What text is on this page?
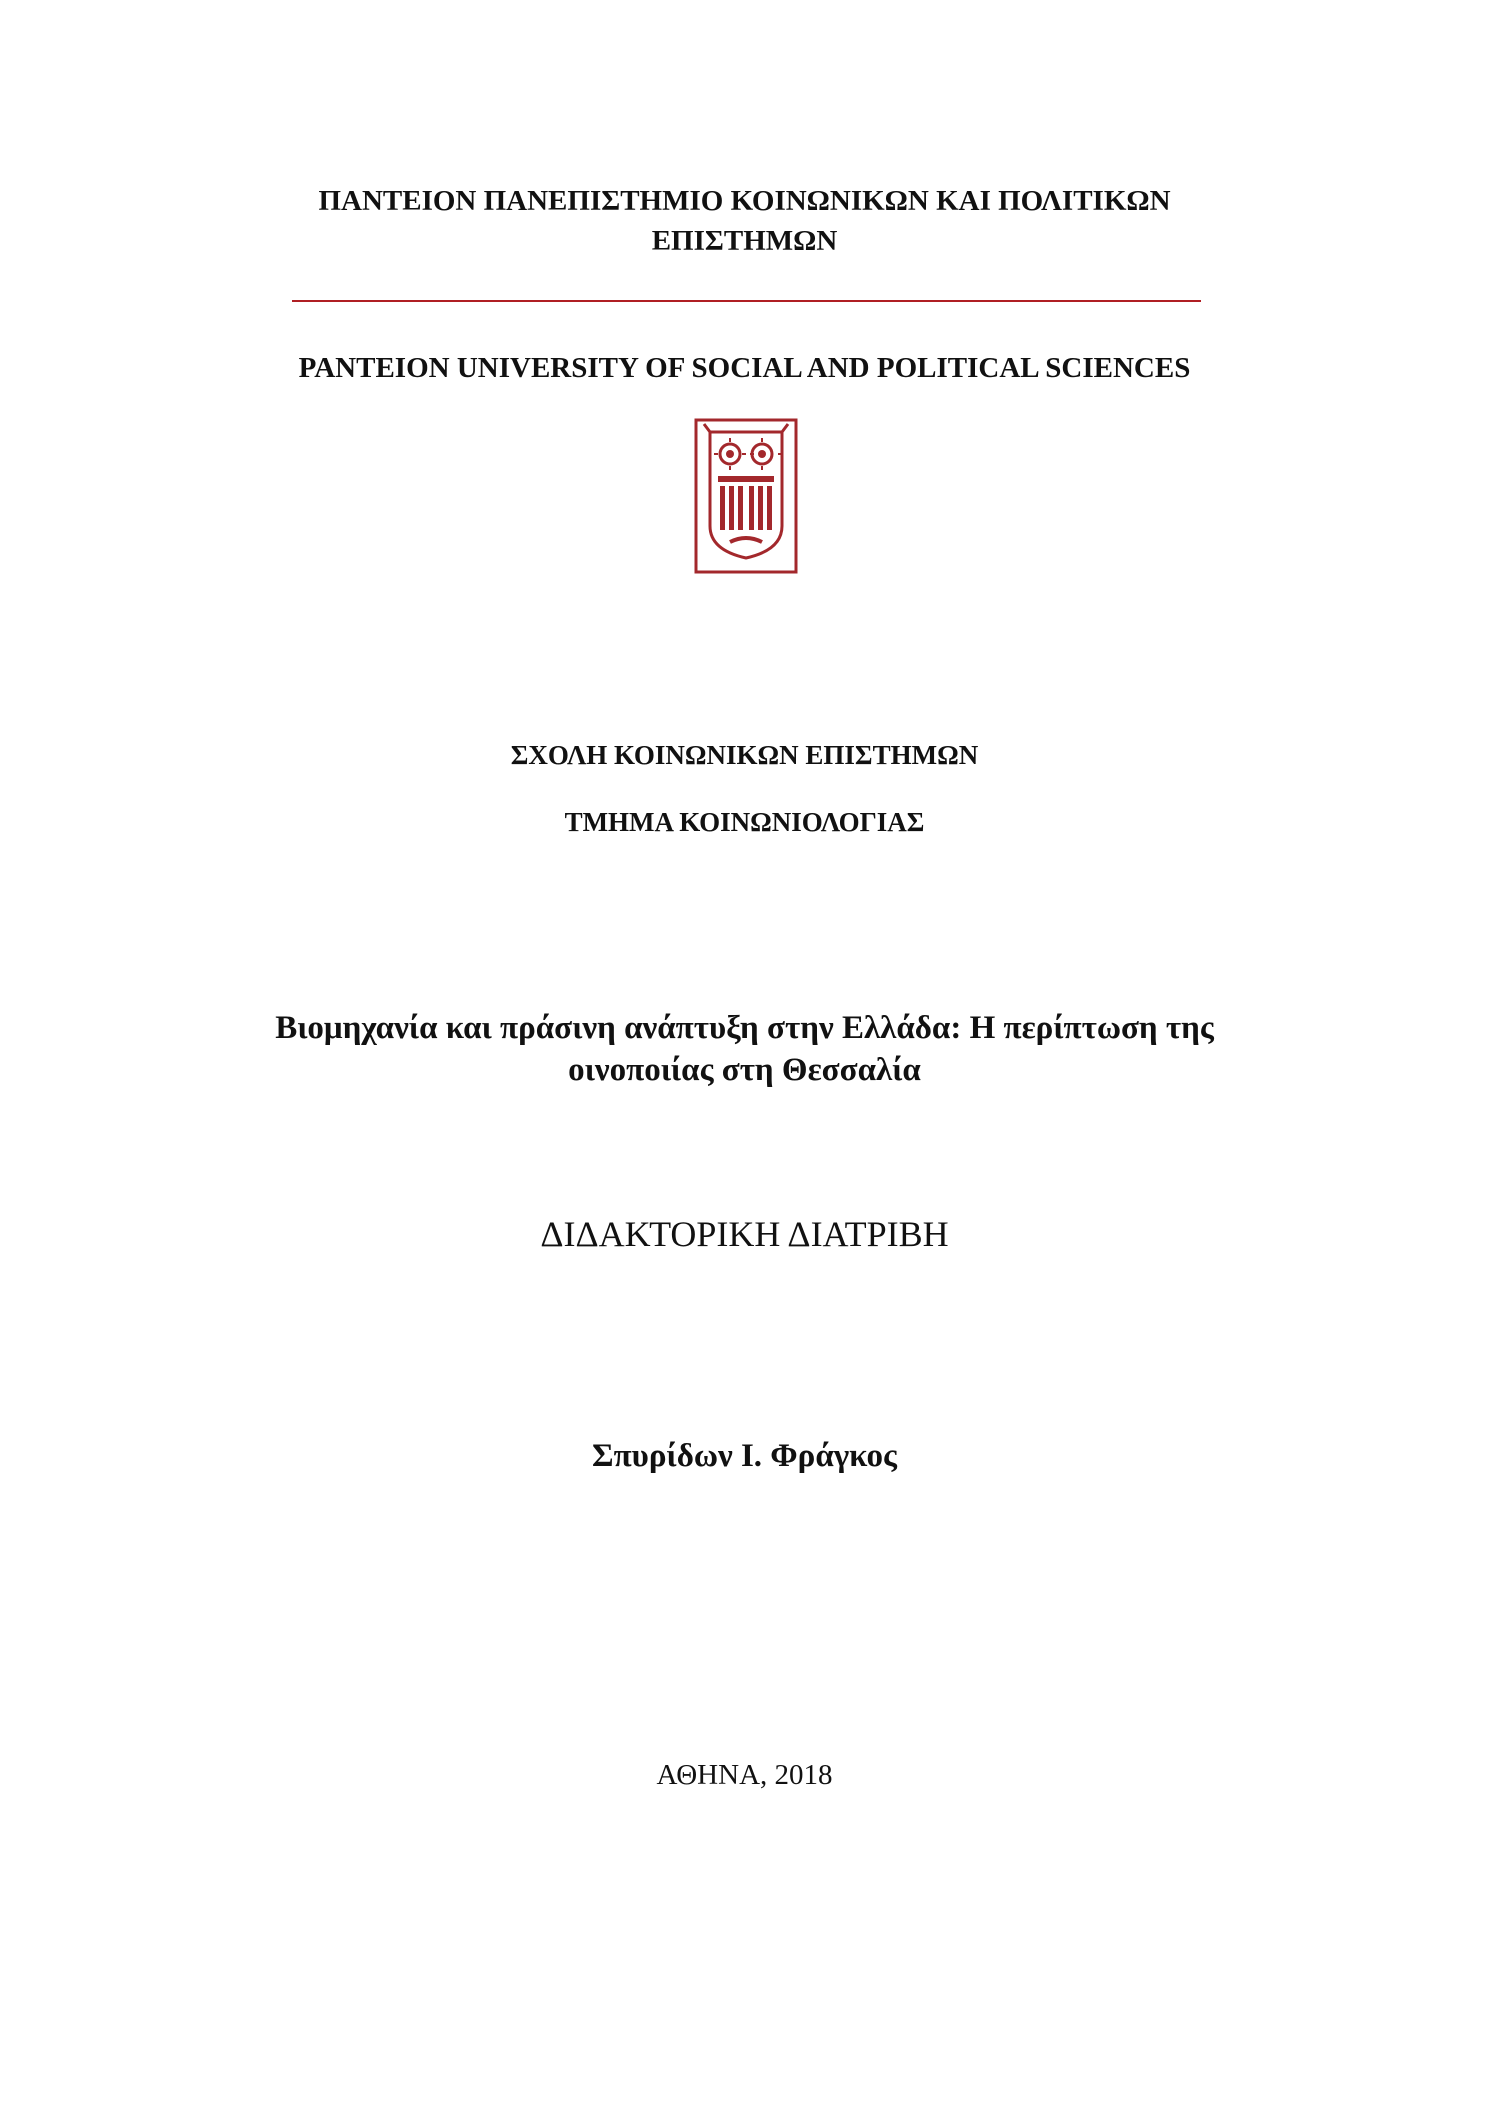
ΠΑΝΤΕΙΟΝ ΠΑΝΕΠΙΣΤΗΜΙΟ ΚΟΙΝΩΝΙΚΩΝ ΚΑΙ ΠΟΛΙΤΙΚΩΝ
ΕΠΙΣΤΗΜΩΝ
PANTEION UNIVERSITY OF SOCIAL AND POLITICAL SCIENCES
ΣΧΟΛΗ ΚΟΙΝΩΝΙΚΩΝ ΕΠΙΣΤΗΜΩΝ
ΤΜΗΜΑ ΚΟΙΝΩΝΙΟΛΟΓΙΑΣ
Βιομηχανία και πράσινη ανάπτυξη στην Ελλάδα: Η περίπτωση της
οινοποιίας στη Θεσσαλία
ΔΙΔΑΚΤΟΡΙΚΗ ΔΙΑΤΡΙΒΗ
Σπυρίδων Ι. Φράγκος
ΑΘΗΝΑ, 2018
